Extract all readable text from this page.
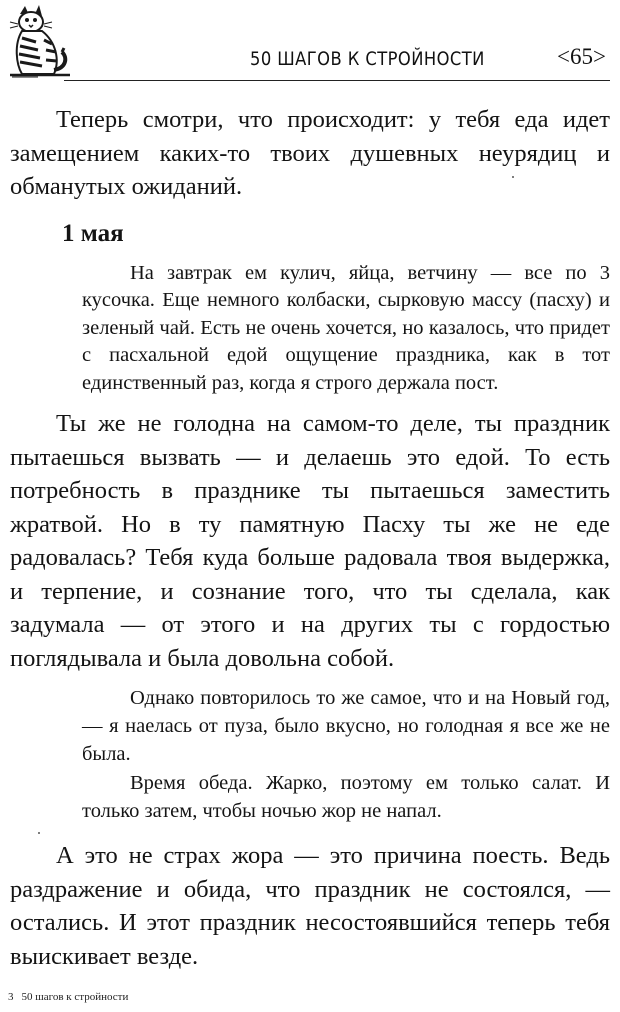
50 ШАГОВ К СТРОЙНОСТИ	<65>

Теперь смотри, что происходит: у тебя еда идет замещением каких-то твоих душевных неурядиц и обманутых ожиданий.

1 мая

На завтрак ем кулич, яйца, ветчину — все по 3 кусочка. Еще немного колбаски, сырковую массу (пасху) и зеленый чай. Есть не очень хочется, но казалось, что придет с пасхальной едой ощущение праздника, как в тот единственный раз, когда я строго держала пост.

Ты же не голодна на самом-то деле, ты праздник пытаешься вызвать — и делаешь это едой. То есть потребность в празднике ты пытаешься заместить жратвой. Но в ту памятную Пасху ты же не еде радовалась? Тебя куда больше радовала твоя выдержка, и терпение, и сознание того, что ты сделала, как задумала — от этого и на других ты с гордостью поглядывала и была довольна собой.

Однако повторилось то же самое, что и на Новый год, — я наелась от пуза, было вкусно, но голодная я все же не была.

Время обеда. Жарко, поэтому ем только салат. И только затем, чтобы ночью жор не напал.

А это не страх жора — это причина поесть. Ведь раздражение и обида, что праздник не состоялся, — остались. И этот праздник несостоявшийся теперь тебя выискивает везде.

3 50 шагов к стройности
